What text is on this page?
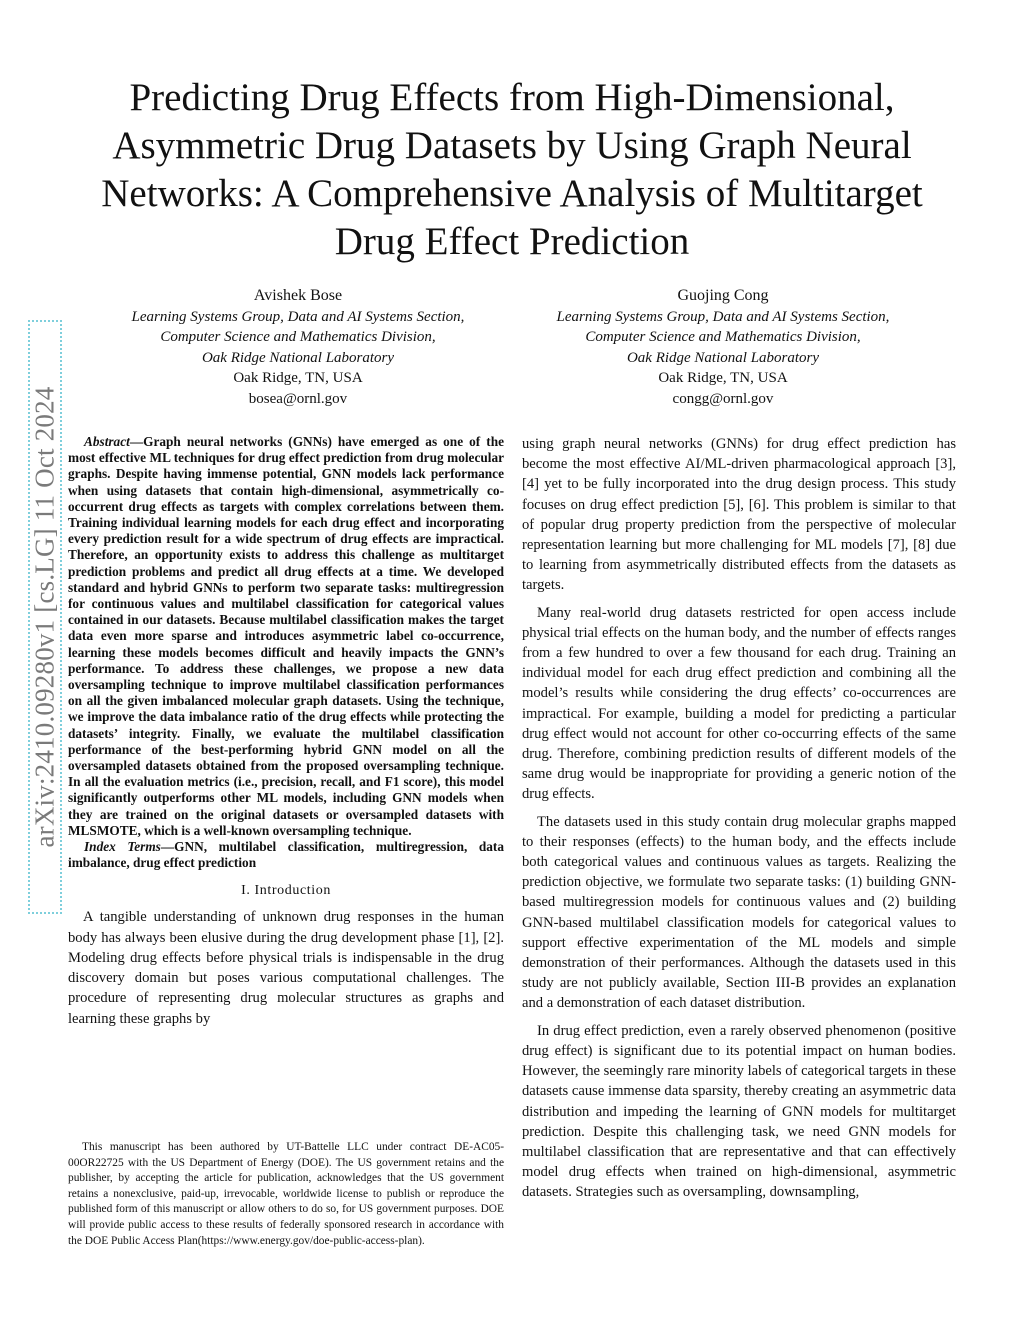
arXiv:2410.09280v1 [cs.LG] 11 Oct 2024
Predicting Drug Effects from High-Dimensional, Asymmetric Drug Datasets by Using Graph Neural Networks: A Comprehensive Analysis of Multitarget Drug Effect Prediction
Avishek Bose
Learning Systems Group, Data and AI Systems Section,
Computer Science and Mathematics Division,
Oak Ridge National Laboratory
Oak Ridge, TN, USA
bosea@ornl.gov
Guojing Cong
Learning Systems Group, Data and AI Systems Section,
Computer Science and Mathematics Division,
Oak Ridge National Laboratory
Oak Ridge, TN, USA
congg@ornl.gov

Abstract—Graph neural networks (GNNs) have emerged as one of the most effective ML techniques for drug effect prediction from drug molecular graphs. Despite having immense potential, GNN models lack performance when using datasets that contain high-dimensional, asymmetrically co-occurrent drug effects as targets with complex correlations between them. Training individual learning models for each drug effect and incorporating every prediction result for a wide spectrum of drug effects are impractical. Therefore, an opportunity exists to address this challenge as multitarget prediction problems and predict all drug effects at a time. We developed standard and hybrid GNNs to perform two separate tasks: multiregression for continuous values and multilabel classification for categorical values contained in our datasets. Because multilabel classification makes the target data even more sparse and introduces asymmetric label co-occurrence, learning these models becomes difficult and heavily impacts the GNN’s performance. To address these challenges, we propose a new data oversampling technique to improve multilabel classification performances on all the given imbalanced molecular graph datasets. Using the technique, we improve the data imbalance ratio of the drug effects while protecting the datasets’ integrity. Finally, we evaluate the multilabel classification performance of the best-performing hybrid GNN model on all the oversampled datasets obtained from the proposed oversampling technique. In all the evaluation metrics (i.e., precision, recall, and F1 score), this model significantly outperforms other ML models, including GNN models when they are trained on the original datasets or oversampled datasets with MLSMOTE, which is a well-known oversampling technique.

Index Terms—GNN, multilabel classification, multiregression, data imbalance, drug effect prediction

I. Introduction

A tangible understanding of unknown drug responses in the human body has always been elusive during the drug development phase [1], [2]. Modeling drug effects before physical trials is indispensable in the drug discovery domain but poses various computational challenges. The procedure of representing drug molecular structures as graphs and learning these graphs by

using graph neural networks (GNNs) for drug effect prediction has become the most effective AI/ML-driven pharmacological approach [3], [4] yet to be fully incorporated into the drug design process. This study focuses on drug effect prediction [5], [6]. This problem is similar to that of popular drug property prediction from the perspective of molecular representation learning but more challenging for ML models [7], [8] due to learning from asymmetrically distributed effects from the datasets as targets.

Many real-world drug datasets restricted for open access include physical trial effects on the human body, and the number of effects ranges from a few hundred to over a few thousand for each drug. Training an individual model for each drug effect prediction and combining all the model’s results while considering the drug effects’ co-occurrences are impractical. For example, building a model for predicting a particular drug effect would not account for other co-occurring effects of the same drug. Therefore, combining prediction results of different models of the same drug would be inappropriate for providing a generic notion of the drug effects.

The datasets used in this study contain drug molecular graphs mapped to their responses (effects) to the human body, and the effects include both categorical values and continuous values as targets. Realizing the prediction objective, we formulate two separate tasks: (1) building GNN-based multiregression models for continuous values and (2) building GNN-based multilabel classification models for categorical values to support effective experimentation of the ML models and simple demonstration of their performances. Although the datasets used in this study are not publicly available, Section III-B provides an explanation and a demonstration of each dataset distribution.

In drug effect prediction, even a rarely observed phenomenon (positive drug effect) is significant due to its potential impact on human bodies. However, the seemingly rare minority labels of categorical targets in these datasets cause immense data sparsity, thereby creating an asymmetric data distribution and impeding the learning of GNN models for multitarget prediction. Despite this challenging task, we need GNN models for multilabel classification that are representative and that can effectively model drug effects when trained on high-dimensional, asymmetric datasets. Strategies such as oversampling, downsampling,

This manuscript has been authored by UT-Battelle LLC under contract DE-AC05-00OR22725 with the US Department of Energy (DOE). The US government retains and the publisher, by accepting the article for publication, acknowledges that the US government retains a nonexclusive, paid-up, irrevocable, worldwide license to publish or reproduce the published form of this manuscript or allow others to do so, for US government purposes. DOE will provide public access to these results of federally sponsored research in accordance with the DOE Public Access Plan(https://www.energy.gov/doe-public-access-plan).
